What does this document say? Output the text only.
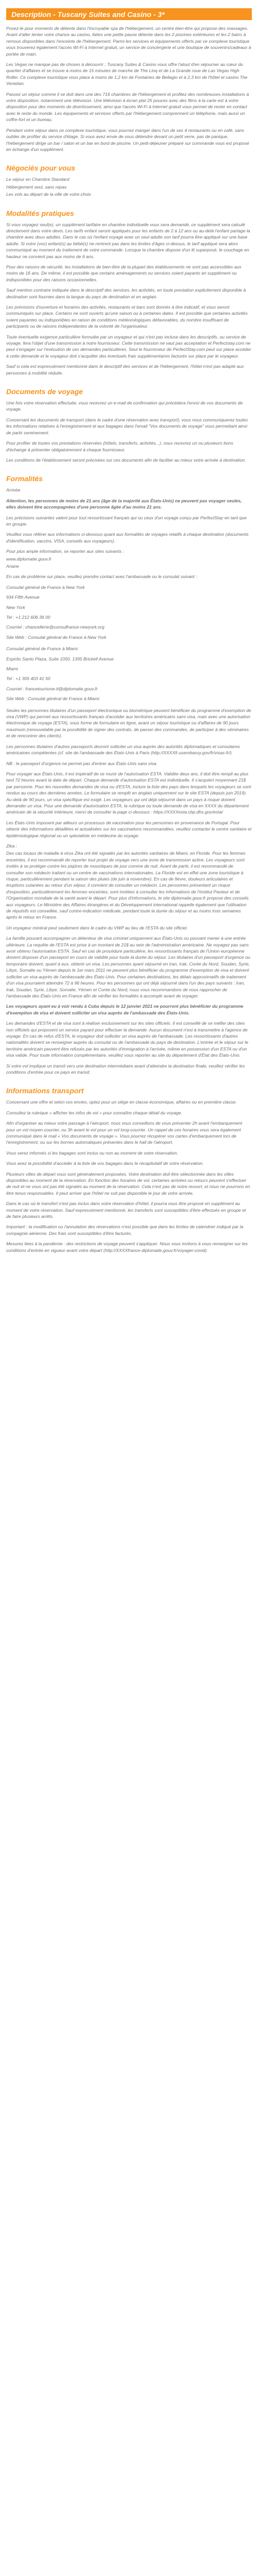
Description - Tuscany Suites and Casino - 3*

Posez-le pour moments de détente dans l'incroyable spa de l'hébergement, un centre bien-être qui propose des massages. Avant d'aller tenter votre chance au casino, faites une petite pause détente dans les 2 piscines extérieures et les 2 bains à remous disponibles dans l'enceinte de l'hébergement. Parmi les services et équipements offerts par ce complexe touristique vous trouverez également l'accès Wi-Fi à Internet gratuit, un service de conciergerie et une boutique de souvenirs/cadeaux à portée de main.

Les Vegas ne manque pas de choses à découvrir ; Tuscany Suites & Casino vous offre l'atout d'en séjourner au cœur du quartier d'affaires et se trouve à moins de 15 minutes de marche de The Linq et de La Grande roue de Las Vegas High Roller. Ce complexe touristique vous place à moins de 1,2 km de Fontaines de Bellagio et à 2,3 km de l'hôtel et casino The Venetian.

Passez un séjour comme il se doit dans une des 716 chambres de l'hébergement et profitez des nombreuses installations à votre disposition, notamment une télévision. Une télévision à écran plat 25 pouces avec des films à la carte est à votre disposition pour des moments de divertissement, ainsi que l'accès Wi-Fi à Internet gratuit vous permet de rester en contact avec le reste du monde. Les équipements et services offerts par l'hébergement comprennent un téléphone, mais aussi un coffre-fort et un bureau.

Pendant votre séjour dans ce complexe touristique, vous pourrez manger dans l'un de ses 4 restaurants ou en café, sans oublier de profiter du service d'étage. Si vous avez envie de vous détendre devant un petit verre, pas de panique, l'hébergement dirige un bar / salon et un bar en bord de piscine. Un petit-déjeuner préparé sur commande vous est proposé en échange d'un supplément.

Négociés pour vous

Le séjour en Chambre Standard

Hébergement seul, sans repas

Les vols au départ de la ville de votre choix

Modalités pratiques

Si vous voyagez seul(e), un supplément tarifaire en chambre individuelle vous sera demandé, ce supplément sera calculé directement dans votre devis. Les tarifs enfant seront appliqués pour les enfants de 2 à 12 ans ou au-delà l'enfant partage la chambre avec deux adultes. Dans le cas où l'enfant voyage avec un seul adulte son tarif pourra être appliqué sur une base adulte. Si votre (vos) enfant(s) au bébé(s) ne rentrent pas dans les limites d'âges ci-dessus, le tarif appliqué sera alors communiqué au moment du traitement de votre commande. Lorsque la chambre dispose d'un lit superposé, le couchage en hauteur ne convient pas aux moins de 6 ans.

Pour des raisons de sécurité, les installations de bien-être de la plupart des établissements ne sont pas accessibles aux moins de 16 ans. De même, il est possible que certains aménagements ou services soient payants en supplément ou indisponibles pour des raisons occasionnelles.

Sauf mention contraire indiquée dans le descriptif des services, les activités, en toute prestation explicitement disponible à destination sont fournies dans la langue du pays de destination et en anglais.

Les prévisions d'ouverture et horaires des activités, restaurants et bars sont donnés à titre indicatif, et vous seront communiqués sur place. Certains ne sont ouverts qu'une saison ou à certaines dates. Il est possible que certaines activités soient payantes ou indisponibles en raison de conditions météorologiques défavorables, du nombre insuffisant de participants ou de raisons indépendantes de la volonté de l'organisateur.

Toute éventuelle exigence particulière formulée par un voyageur et qui n'est pas incluse dans les descriptifs, ou service de voyage, fera l'objet d'une transmission à notre fournisseur. Cette transmission ne vaut pas acceptation et Perfectstay.com ne peut s'engager sur l'exécution de ces demandes particulières. Seul le fournisseur de PerfectStay.com peut sur place accéder à cette demande et le voyageur doit s'acquitter des éventuels frais supplémentaires facturés sur place par le voyageur.

Sauf si cela est expressément mentionné dans le descriptif des services et de l'hébergement, l'hôtel n'est pas adapté aux personnes à mobilité réduite.

Documents de voyage

Une fois votre réservation effectuée, vous recevrez un e-mail de confirmation qui précédera l'envoi de vos documents de voyage.

Concernant les documents de transport (dans le cadre d'une réservation avec transport), vous nous communiquerez toutes les informations relatives à l'enregistrement et aux bagages dans l'email "Vos documents de voyage" vous permettant ainsi de partir sereinement.

Pour profiter de toutes vos prestations réservées (hôtels, transferts, activités...), vous recevrez un ou plusieurs bons d'échange à présenter obligatoirement à chaque fournisseur.

Les conditions de l'établissement seront précisées sur ces documents afin de faciliter au mieux votre arrivée à destination.

Formalités

Arrivée

Attention, les personnes de moins de 21 ans (âge de la majorité aux États-Unis) ne peuvent pas voyager seules, elles doivent être accompagnées d'une personne âgée d'au moins 21 ans.

Les précisions suivantes valent pour tout ressortissant français qui ou ceux d'un voyage conçu par PerfectStay en tant que en groupe.

Veuillez vous référer aux informations ci-dessous quant aux formalités de voyages relatifs à chaque destination (documents d'identification, vaccins, VISA, conseils aux voyageurs).

Pour plus ample information, se reporter aux sites suivants :

www.diplomatie.gouv.fr

Ariane

En cas de problème sur place, veuillez prendre contact avec l'ambassade ou le consulat suivant :

Consulat général de France à New York

934 Fifth Avenue

New York

Tel : +1 212 606 36 00

Courriel : chancellerie@consulfrance-newyork.org

Site Web : Consulat général de France à New York

Consulat général de France à Miami

Espirito Santo Plaza, Suite 1050, 1395 Brickell Avenue

Miami

Tel : +1 305 403 41 50

Courriel : francetourisme-tl@diplomatie.gouv.fr

Site Web : Consulat général de France à Miami

Seules les personnes titulaires d'un passeport électronique ou biométrique peuvent bénéficier du programme d'exemption de visa (VWP) qui permet aux ressortissants français d'accéder aux territoires américains sans visa, mais avec une autorisation électronique de voyage (ESTA), sous forme de formulaire en ligne, avant un séjour touristique ou d'affaires de 90 jours maximum (renouvelable par la possibilité de signer des contrats, de passer des commandes, de participer à des séminaires et de rencontrer des clients).

Les personnes titulaires d'autres passeports devront solliciter un visa auprès des autorités diplomatiques et consulaires américaines compétentes (cf. site de l'ambassade des États-Unis à Paris (http://XXXXfr.usembassy.gov/fr/visas-fr/).

NB : le passeport d'urgence ne permet pas d'entrer aux États-Unis sans visa.

Pour voyager aux États-Unis, il est impératif de se munir de l'autorisation ESTA. Validée deux ans, il doit être rempli au plus tard 72 heures avant la date de départ. Chaque demande d'autorisation ESTA est individuelle. Il s'acquiert moyennant 21$ par personne. Pour les nouvelles demandes de visa ou d'ESTA, inclure la liste des pays dans lesquels les voyageurs se sont rendus au cours des dernières années. Le formulaire se remplit en anglais uniquement sur le site ESTA (depuis juin 2019). Au-delà de 90 jours, un visa spécifique est exigé. Les voyageurs qui ont déjà séjourné dans un pays à risque doivent demander un visa. Pour une demande d'autorisation ESTA, la rubrique ou toute demande de visa en XXXX du département américain de la sécurité intérieure, merci de consulter la page ci-dessous : https://XXXXesta.cbp.dhs.gov/esta/

Les États-Unis imposent par ailleurs un processus de vaccination pour les personnes en provenance de Portugal. Pour obtenir des informations détaillées et actualisées sur les vaccinations recommandées, veuillez contacter le centre sanitaire et épidémiologique régional ou un spécialiste en médecine du voyage.

Zika :

Des cas locaux de maladie à virus Zika ont été signalés par les autorités sanitaires de Miami, en Floride. Pour les femmes enceintes, il est recommandé de reporter tout projet de voyage vers une zone de transmission active. Les voyageurs sont invités à se protéger contre les piqûres de moustiques de jour comme de nuit. Avant de partir, il est recommandé de consulter son médecin traitant ou un centre de vaccinations internationales. La Floride est en effet une zone touristique à risque, particulièrement pendant la saison des pluies (de juin à novembre). En cas de fièvre, douleurs articulaires et éruptions cutanées au retour d'un séjour, il convient de consulter un médecin. Les personnes présentant un risque d'exposition, particulièrement les femmes enceintes, sont invitées à consulter les informations de l'Institut Pasteur et de l'Organisation mondiale de la santé avant le départ. Pour plus d'informations, le site diplomatie.gouv.fr propose des conseils aux voyageurs. Le Ministère des Affaires étrangères et du Développement international rappelle également que l'utilisation de répulsifs est conseillée, sauf contre-indication médicale, pendant toute la durée du séjour et au moins trois semaines après le retour en France.

Un voyageur minéral peut seulement dans le cadre du VWP au lieu de l'ESTA du site officiel.

La famille pouvant accompagner un détenteur de visa criminel uniquement aux États-Unis ou pouvant mener à une entrée ultérieure. La requête de l'ESTA est prise à un montant de 21$ au sein de l'administration américaine. Ne voyagez pas sans avoir obtenu l'autorisation ESTA. Sauf en cas de procédure particulière, les ressortissants français de l'Union européenne doivent disposer d'un passeport en cours de validité pour toute la durée du séjour. Les titulaires d'un passeport d'urgence ou temporaire doivent, quant à eux, obtenir un visa. Les personnes ayant séjourné en Iran, Irak, Corée du Nord, Soudan, Syrie, Libye, Somalie ou Yémen depuis le 1er mars 2011 ne peuvent plus bénéficier du programme d'exemption de visa et doivent solliciter un visa auprès de l'ambassade des États-Unis. Pour certaines destinations, les délais approximatifs de traitement d'un visa pourraient atteindre 72 à 96 heures. Pour les personnes qui ont déjà séjourné dans l'un des pays suivants : Iran, Irak, Soudan, Syrie, Libye, Somalie, Yémen et Corée du Nord, nous vous recommandons de vous rapprocher de l'ambassade des États-Unis en France afin de vérifier les formalités à accomplir avant de voyager.

Les voyageurs ayant eu à voir rendu à Cuba depuis le 12 janvier 2021 ne pourront plus bénéficier du programme d'exemption de visa et doivent solliciter un visa auprès de l'ambassade des États-Unis.

Les demandes d'ESTA et de visa sont à réaliser exclusivement sur les sites officiels. Il est conseillé de se méfier des sites non officiels qui proposent un service payant pour effectuer la demande. Aucun document n'est à transmettre à l'agence de voyage. En cas de refus d'ESTA, le voyageur doit solliciter un visa auprès de l'ambassade. Les ressortissants d'autres nationalités doivent se renseigner auprès du consulat ou de l'ambassade du pays de destination. L'entrée et le séjour sur le territoire américain peuvent être refusés par les autorités d'immigration à l'arrivée, même en possession d'un ESTA ou d'un visa valide. Pour toute information complémentaire, veuillez vous reporter au site du département d'État des États-Unis.

Si votre vol implique un transit vers une destination intermédiaire avant d'atteindre la destination finale, veuillez vérifier les conditions d'entrée pour ce pays en transit.

Informations transport

Concernant une offre et selon vos envies, optez pour un siège en classe économique, affaires ou en première classe.

Consultez la rubrique « afficher les infos de vol » pour connaître chaque détail du voyage.

Afin d'organiser au mieux votre passage à l'aéroport, nous vous conseillons de vous présenter 2h avant l'embarquement pour un vol moyen-courrier, ou 3h avant le vol pour un vol long-courrier. Un rappel de ces horaires vous sera également communiqué dans le mail « Vos documents de voyage ». Vous pourrez récupérer vos cartes d'embarquement lors de l'enregistrement, ou sur les bornes automatiques présentes dans le hall de l'aéroport.

Vous serez informés si les bagages sont inclus ou non au moment de votre réservation.

Vous avez la possibilité d'accéder à la liste de vos bagages dans le récapitulatif de votre réservation.

Plusieurs villes de départ vous sont généralement proposées. Votre destination doit être sélectionnée dans les villes disponibles au moment de la réservation. En fonction des horaires de vol, certaines arrivées ou retours peuvent s'effectuer de nuit et ne vous ont pas été signalés au moment de la réservation. Cela n'est pas de notre ressort, et nous ne pourrons en être tenus responsables. Il peut arriver que l'hôtel ne soit pas disponible le jour de votre arrivée.

Dans le cas où le transfert n'est pas inclus dans votre réservation d'hôtel, il pourra vous être proposé en supplément au moment de votre réservation. Sauf expressément mentionné, les transferts sont susceptibles d'être effectués en groupe et de faire plusieurs arrêts.

Important : la modification ou l'annulation des réservations n'est possible que dans les limites de calendrier indiqué par la compagnie aérienne. Des frais sont susceptibles d'être facturés.

Mesures liées à la pandémie : des restrictions de voyage peuvent s'appliquer. Nous vous invitons à vous renseigner sur les conditions d'entrée en vigueur avant votre départ (http://XXXXfrance-diplomatie.gouv.fr/voyager-covid).
